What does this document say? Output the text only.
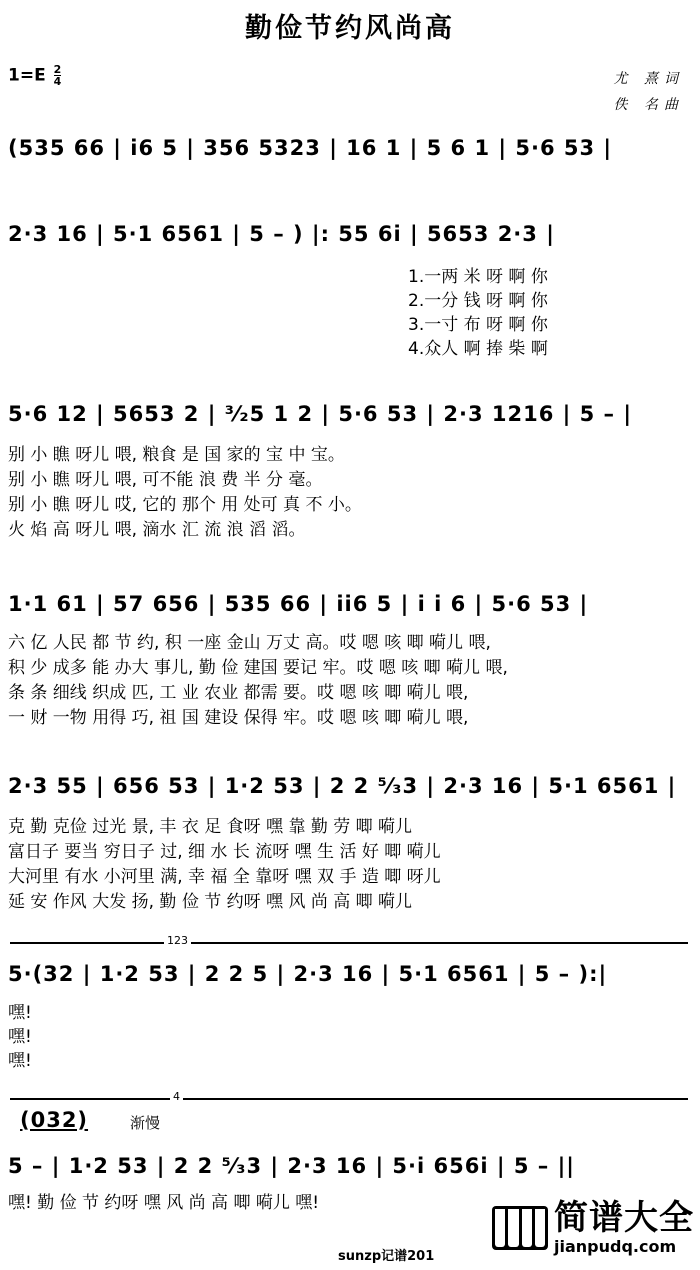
勤俭节约风尚高
$1=E \frac{2}{4}$	尤 熹词
佚 名曲
(535 66 | i6 5 | 356 5323 | 16 1 | 5 6 1 | 5·6 53 |
2·3 16 | 5·1 6561 | 5 – ) |: 55 6i | 5653 2·3 |
1.一两 米 呀 啊 你
2.一分 钱 呀 啊 你
3.一寸 布 呀 啊 你
4.众人 啊 捧 柴 啊
5·6 12 | 5653 2 | ³⁄₂5 1 2 | 5·6 53 | 2·3 1216 | 5 – |
别 小 瞧 呀儿 喂, 粮食 是 国 家的 宝 中 宝。
别 小 瞧 呀儿 喂, 可不能 浪 费 半 分 毫。
别 小 瞧 呀儿 哎, 它的 那个 用 处可 真 不 小。
火 焰 高 呀儿 喂, 滴水 汇 流 浪 滔 滔。
1·1 61 | 57 656 | 535 66 | ii6 5 | i i 6 | 5·6 53 |
六 亿 人民 都 节 约, 积 一座 金山 万丈 高。哎 嗯 咳 唧 嗬儿 喂,
积 少 成多 能 办大 事儿, 勤 俭 建国 要记 牢。哎 嗯 咳 唧 嗬儿 喂,
条 条 细线 织成 匹, 工 业 农业 都需 要。哎 嗯 咳 唧 嗬儿 喂,
一 财 一物 用得 巧, 祖 国 建设 保得 牢。哎 嗯 咳 唧 嗬儿 喂,
2·3 55 | 656 53 | 1·2 53 | 2 2 ⁵⁄₃3 | 2·3 16 | 5·1 6561 |
克 勤 克俭 过光 景, 丰 衣 足 食呀 嘿 靠 勤 劳 唧 嗬儿
富日子 要当 穷日子 过, 细 水 长 流呀 嘿 生 活 好 唧 嗬儿
大河里 有水 小河里 满, 幸 福 全 靠呀 嘿 双 手 造 唧 呀儿
延 安 作风 大发 扬, 勤 俭 节 约呀 嘿 风 尚 高 唧 嗬儿
123
5·(32 | 1·2 53 | 2 2 5 | 2·3 16 | 5·1 6561 | 5 – ):|
嘿!
嘿!
嘿!
4
(032)	渐慢
5 – | 1·2 53 | 2 2 ⁵⁄₃3 | 2·3 16 | 5·i 656i | 5 – ||
嘿! 勤 俭 节 约呀 嘿 风 尚 高 唧 嗬儿 嘿!	简谱大全
jianpudq.com
sunzp记谱201
